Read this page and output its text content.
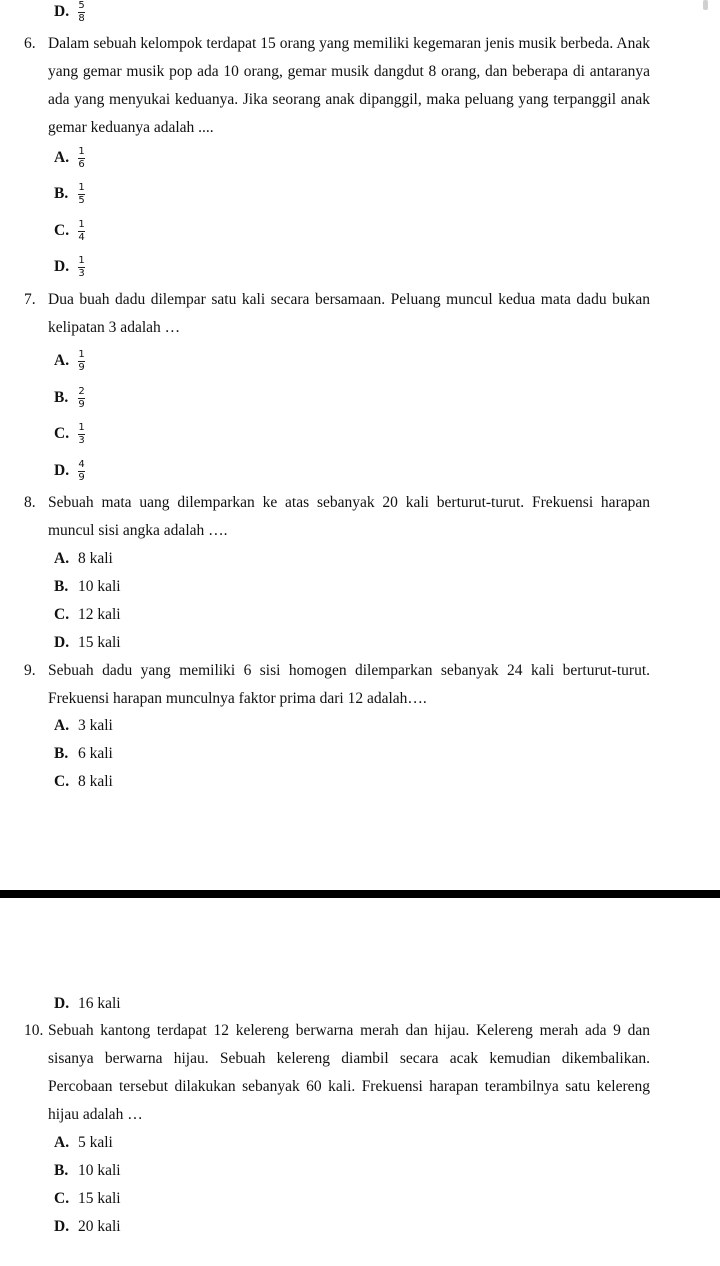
D. $\frac{5}{8}$
6. Dalam sebuah kelompok terdapat 15 orang yang memiliki kegemaran jenis musik berbeda. Anak yang gemar musik pop ada 10 orang, gemar musik dangdut 8 orang, dan beberapa di antaranya ada yang menyukai keduanya. Jika seorang anak dipanggil, maka peluang yang terpanggil anak gemar keduanya adalah ....
A. $\frac{1}{6}$
B. $\frac{1}{5}$
C. $\frac{1}{4}$
D. $\frac{1}{3}$
7. Dua buah dadu dilempar satu kali secara bersamaan. Peluang muncul kedua mata dadu bukan kelipatan 3 adalah …
A. $\frac{1}{9}$
B. $\frac{2}{9}$
C. $\frac{1}{3}$
D. $\frac{4}{9}$
8. Sebuah mata uang dilemparkan ke atas sebanyak 20 kali berturut-turut. Frekuensi harapan muncul sisi angka adalah ….
A. 8 kali
B. 10 kali
C. 12 kali
D. 15 kali
9. Sebuah dadu yang memiliki 6 sisi homogen dilemparkan sebanyak 24 kali berturut-turut. Frekuensi harapan munculnya faktor prima dari 12 adalah….
A. 3 kali
B. 6 kali
C. 8 kali
D. 16 kali
10. Sebuah kantong terdapat 12 kelereng berwarna merah dan hijau. Kelereng merah ada 9 dan sisanya berwarna hijau. Sebuah kelereng diambil secara acak kemudian dikembalikan. Percobaan tersebut dilakukan sebanyak 60 kali. Frekuensi harapan terambilnya satu kelereng hijau adalah …
A. 5 kali
B. 10 kali
C. 15 kali
D. 20 kali
